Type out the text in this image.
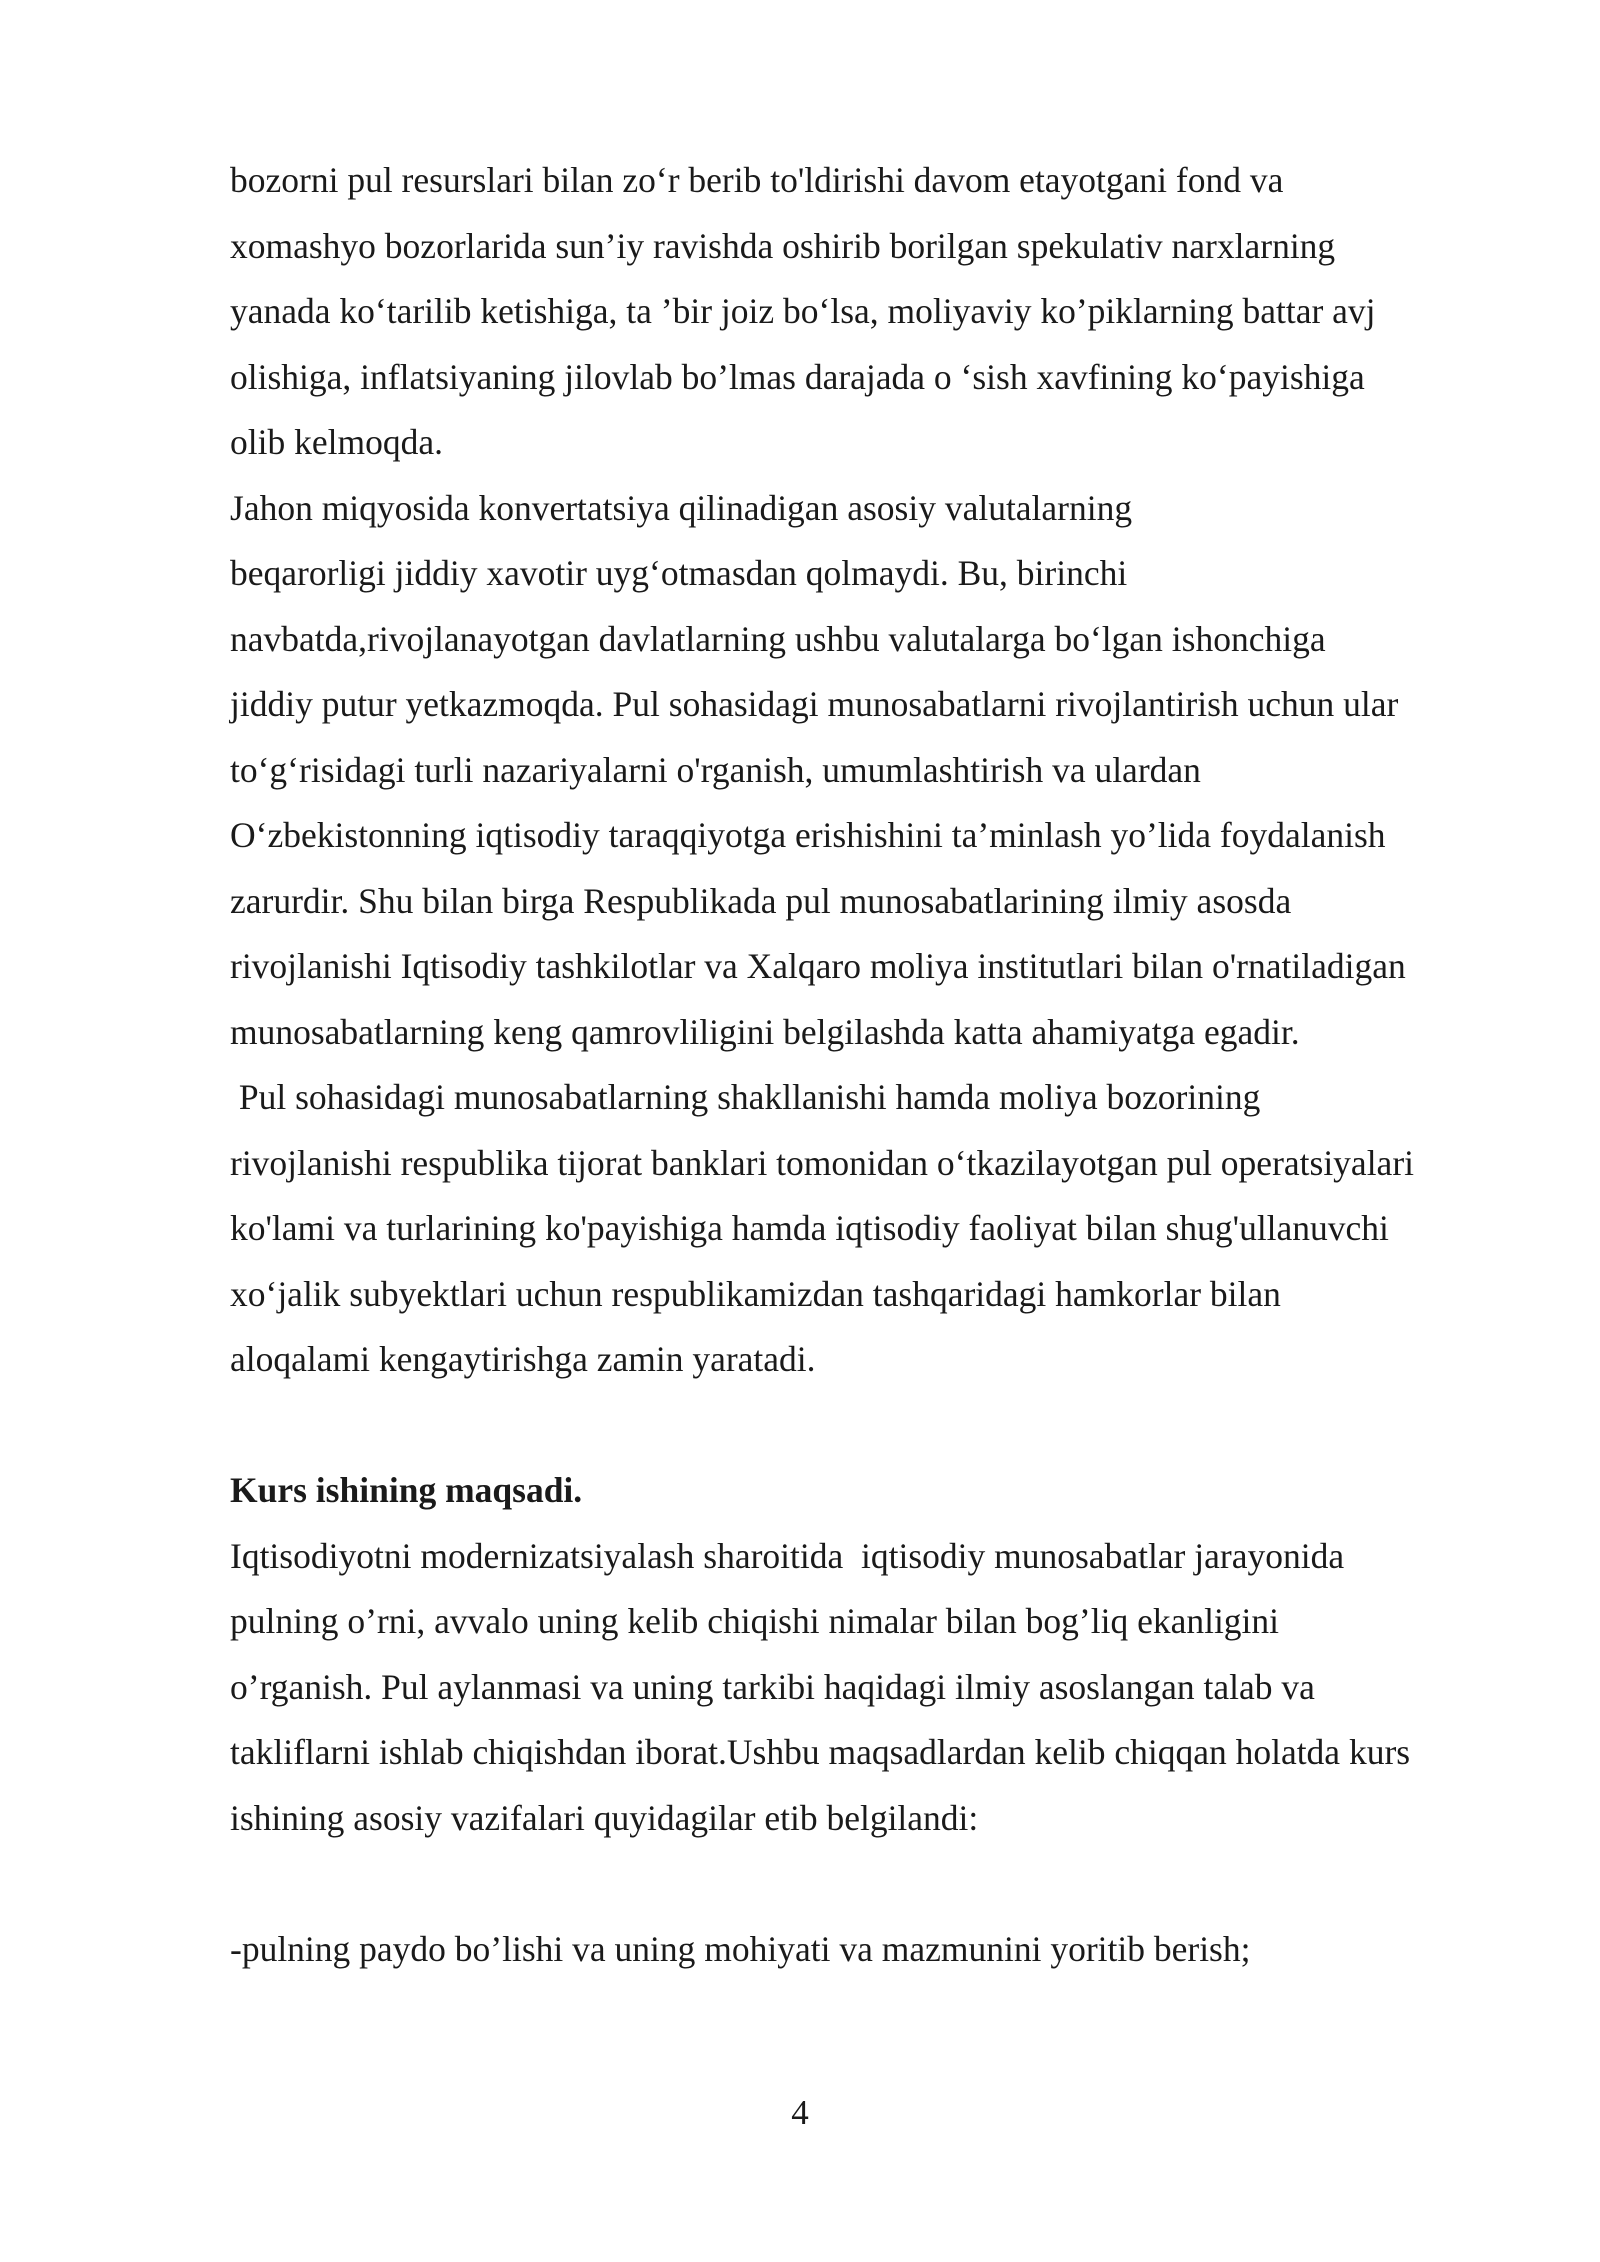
bozorni pul resurslari bilan zo‘r berib to'ldirishi davom etayotgani fond va
xomashyo bozorlarida sun’iy ravishda oshirib borilgan spekulativ narxlarning
yanada ko‘tarilib ketishiga, ta ’bir joiz bo‘lsa, moliyaviy ko’piklarning battar avj
olishiga, inflatsiyaning jilovlab bo’lmas darajada o ‘sish xavfining ko‘payishiga
olib kelmoqda.
Jahon miqyosida konvertatsiya qilinadigan asosiy valutalarning
beqarorligi jiddiy xavotir uyg‘otmasdan qolmaydi. Bu, birinchi
navbatda,rivojlanayotgan davlatlarning ushbu valutalarga bo‘lgan ishonchiga
jiddiy putur yetkazmoqda. Pul sohasidagi munosabatlarni rivojlantirish uchun ular
to‘g‘risidagi turli nazariyalarni o'rganish, umumlashtirish va ulardan
O‘zbekistonning iqtisodiy taraqqiyotga erishishini ta’minlash yo’lida foydalanish
zarurdir. Shu bilan birga Respublikada pul munosabatlarining ilmiy asosda
rivojlanishi Iqtisodiy tashkilotlar va Xalqaro moliya institutlari bilan o'rnatiladigan
munosabatlarning keng qamrovliligini belgilashda katta ahamiyatga egadir.
Pul sohasidagi munosabatlarning shakllanishi hamda moliya bozorining
rivojlanishi respublika tijorat banklari tomonidan o‘tkazilayotgan pul operatsiyalari
ko'lami va turlarining ko'payishiga hamda iqtisodiy faoliyat bilan shug'ullanuvchi
xo‘jalik subyektlari uchun respublikamizdan tashqaridagi hamkorlar bilan
aloqalami kengaytirishga zamin yaratadi.
Kurs ishining maqsadi.
Iqtisodiyotni modernizatsiyalash sharoitida  iqtisodiy munosabatlar jarayonida
pulning o’rni, avvalo uning kelib chiqishi nimalar bilan bog’liq ekanligini
o’rganish. Pul aylanmasi va uning tarkibi haqidagi ilmiy asoslangan talab va
takliflarni ishlab chiqishdan iborat.Ushbu maqsadlardan kelib chiqqan holatda kurs
ishining asosiy vazifalari quyidagilar etib belgilandi:
-pulning paydo bo’lishi va uning mohiyati va mazmunini yoritib berish;
4
